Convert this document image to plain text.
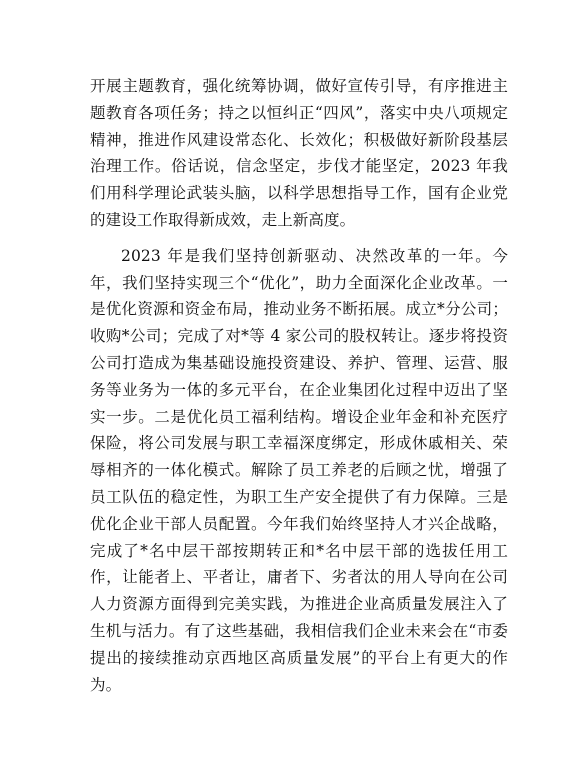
开展主题教育，强化统筹协调，做好宣传引导，有序推进主题教育各项任务；持之以恒纠正“四风”，落实中央八项规定精神，推进作风建设常态化、长效化；积极做好新阶段基层治理工作。俗话说，信念坚定，步伐才能坚定，2023 年我们用科学理论武装头脑，以科学思想指导工作，国有企业党的建设工作取得新成效，走上新高度。

2023 年是我们坚持创新驱动、决然改革的一年。今年，我们坚持实现三个“优化”，助力全面深化企业改革。一是优化资源和资金布局，推动业务不断拓展。成立*分公司；收购*公司；完成了对*等 4 家公司的股权转让。逐步将投资公司打造成为集基础设施投资建设、养护、管理、运营、服务等业务为一体的多元平台，在企业集团化过程中迈出了坚实一步。二是优化员工福利结构。增设企业年金和补充医疗保险，将公司发展与职工幸福深度绑定，形成休戚相关、荣辱相齐的一体化模式。解除了员工养老的后顾之忧，增强了员工队伍的稳定性，为职工生产安全提供了有力保障。三是优化企业干部人员配置。今年我们始终坚持人才兴企战略，完成了*名中层干部按期转正和*名中层干部的选拔任用工作，让能者上、平者让，庸者下、劣者汰的用人导向在公司人力资源方面得到完美实践，为推进企业高质量发展注入了生机与活力。有了这些基础，我相信我们企业未来会在“市委提出的接续推动京西地区高质量发展”的平台上有更大的作为。
